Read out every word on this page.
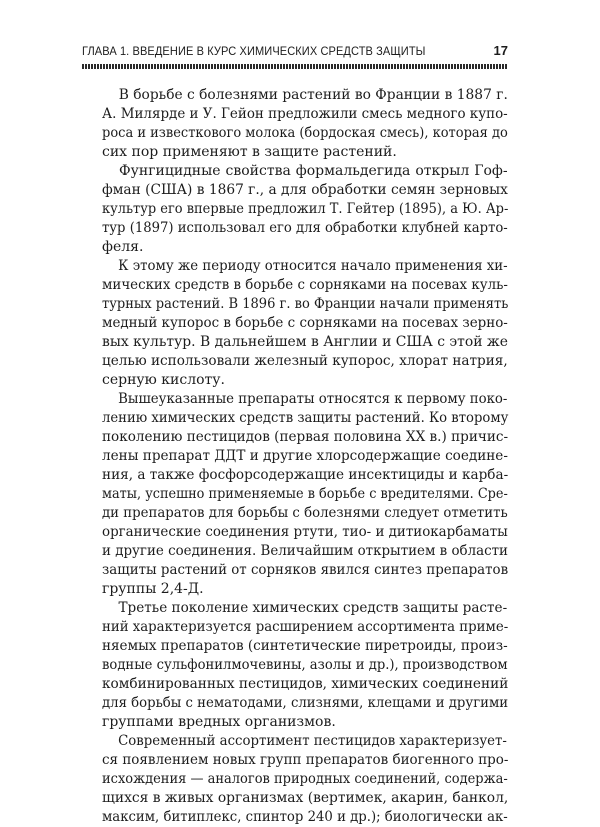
ГЛАВА 1. ВВЕДЕНИЕ В КУРС ХИМИЧЕСКИХ СРЕДСТВ ЗАЩИТЫ	17
В борьбе с болезнями растений во Франции в 1887 г.
А. Милярде и У. Гейон предложили смесь медного купо-
роса и известкового молока (бордоская смесь), которая до
сих пор применяют в защите растений.
Фунгицидные свойства формальдегида открыл Гоф-
фман (США) в 1867 г., а для обработки семян зерновых
культур его впервые предложил Т. Гейтер (1895), а Ю. Ар-
тур (1897) использовал его для обработки клубней карто-
феля.
К этому же периоду относится начало применения хи-
мических средств в борьбе с сорняками на посевах куль-
турных растений. В 1896 г. во Франции начали применять
медный купорос в борьбе с сорняками на посевах зерно-
вых культур. В дальнейшем в Англии и США с этой же
целью использовали железный купорос, хлорат натрия,
серную кислоту.
Вышеуказанные препараты относятся к первому поко-
лению химических средств защиты растений. Ко второму
поколению пестицидов (первая половина XX в.) причис-
лены препарат ДДТ и другие хлорсодержащие соедине-
ния, а также фосфорсодержащие инсектициды и карба-
маты, успешно применяемые в борьбе с вредителями. Сре-
ди препаратов для борьбы с болезнями следует отметить
органические соединения ртути, тио- и дитиокарбаматы
и другие соединения. Величайшим открытием в области
защиты растений от сорняков явился синтез препаратов
группы 2,4-Д.
Третье поколение химических средств защиты расте-
ний характеризуется расширением ассортимента приме-
няемых препаратов (синтетические пиретроиды, произ-
водные сульфонилмочевины, азолы и др.), производством
комбинированных пестицидов, химических соединений
для борьбы с нематодами, слизнями, клещами и другими
группами вредных организмов.
Современный ассортимент пестицидов характеризует-
ся появлением новых групп препаратов биогенного про-
исхождения — аналогов природных соединений, содержа-
щихся в живых организмах (вертимек, акарин, банкол,
максим, битиплекс, спинтор 240 и др.); биологически ак-
